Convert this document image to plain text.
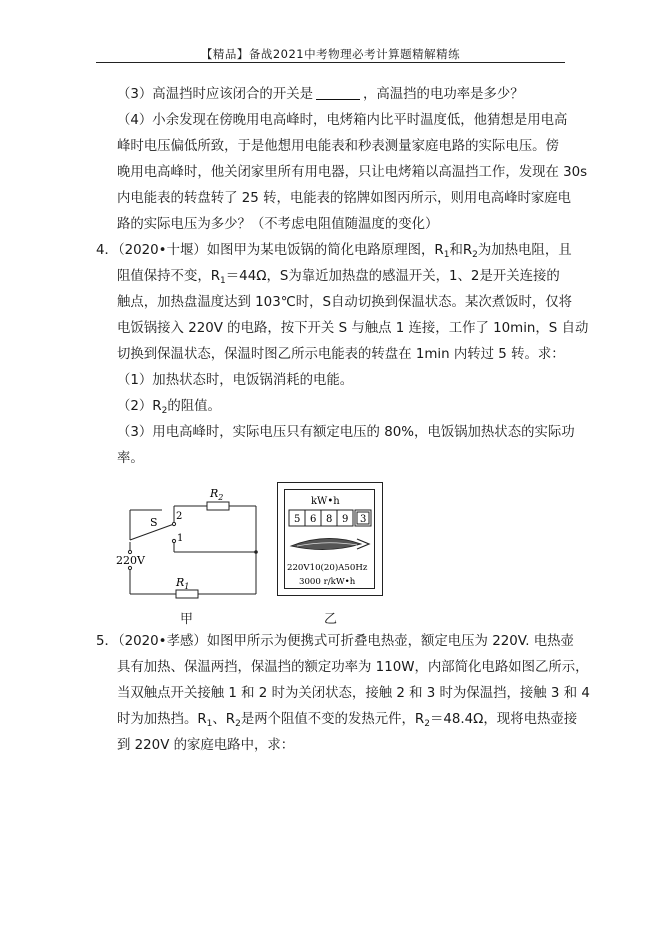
【精品】备战2021中考物理必考计算题精解精练
（3）高温挡时应该闭合的开关是	，高温挡的电功率是多少？
（4）小余发现在傍晚用电高峰时，电烤箱内比平时温度低，他猜想是用电高
峰时电压偏低所致，于是他想用电能表和秒表测量家庭电路的实际电压。傍
晚用电高峰时，他关闭家里所有用电器，只让电烤箱以高温挡工作，发现在 30s
内电能表的转盘转了 25 转，电能表的铭牌如图丙所示，则用电高峰时家庭电
路的实际电压为多少？（不考虑电阻值随温度的变化）
4．（2020•十堰）如图甲为某电饭锅的简化电路原理图，$R_1$和$R_2$为加热电阻，且
阻值保持不变，$R_1=44\Omega$，S为靠近加热盘的感温开关，1、2是开关连接的
触点，加热盘温度达到 103℃时，S自动切换到保温状态。某次煮饭时，仅将
电饭锅接入 220V 的电路，按下开关 S 与触点 1 连接，工作了 10min，S 自动
切换到保温状态，保温时图乙所示电能表的转盘在 1min 内转过 5 转。求：
（1）加热状态时，电饭锅消耗的电能。
$(2)R_2$的阻值。
（3）用电高峰时，实际电压只有额定电压的 80%，电饭锅加热状态的实际功
率。
$R_2$
$R_1$
S 2
1
220V
kW•h
5 6 8 9 3
220V10(20)A50Hz
3000 r/kW•h
甲	乙
5．（2020•孝感）如图甲所示为便携式可折叠电热壶，额定电压为 220V. 电热壶
具有加热、保温两挡，保温挡的额定功率为 110W，内部简化电路如图乙所示，
当双触点开关接触 1 和 2 时为关闭状态，接触 2 和 3 时为保温挡，接触 3 和 4
时为加热挡。$R_1$、$R_2$是两个阻值不变的发热元件，$R_2=48.4\Omega$，现将电热壶接
到 220V 的家庭电路中，求：
